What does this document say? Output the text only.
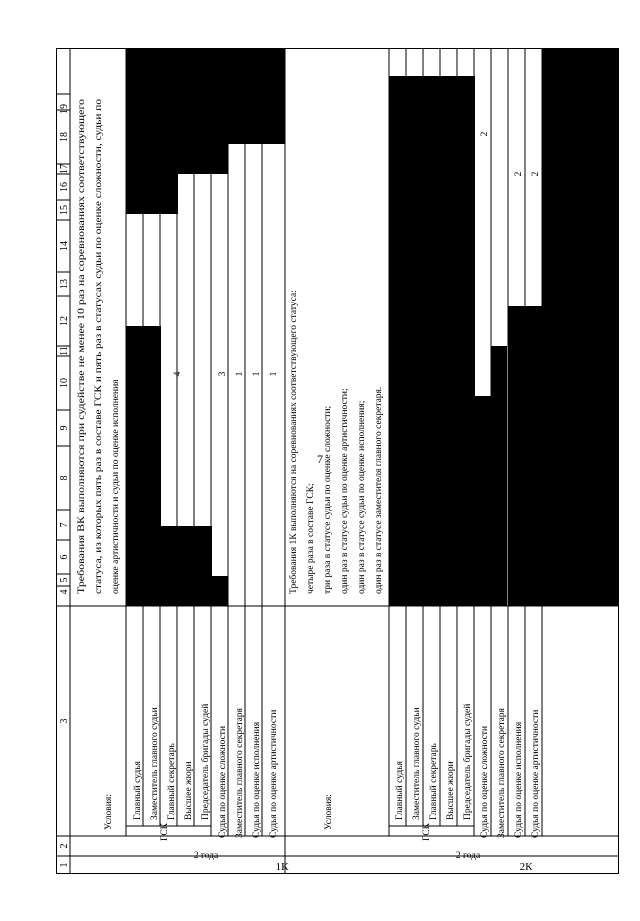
7
1
2
3
4
5
6
7
8
9
10
11
12
13
14
15
16
17
18
19
Требования ВК выполняются при судействе не менее 10 раз на соревнованиях соответствующего статуса, из которых пять раз в составе ГСК и пять раз в статусах судьи по оценке сложности, судьи по оценке артистичности и судьи по оценке исполнения
Условия:
ГСК
Главный судья Заместитель главного судьи Главный секретарь Высшее жюри Председатель бригады судей Судья по оценке сложности Заместитель главного секретаря Судья по оценке исполнения Судья по оценке артистичности
4	3 1 1 1
2 года
1К
Требования 1К выполняются на соревнованиях соответствующего статуса: четыре раза в составе ГСК; три раза в статусе судьи по оценке сложности; один раз в статусе судьи по оценке артистичности; один раз в статусе судьи по оценке исполнения; один раз в статусе заместителя главного секретаря.
Условия:
ГСК
Главный судья Заместитель главного судьи Главный секретарь Высшее жюри Председатель бригады судей Судья по оценке сложности Заместитель главного секретаря Судья по оценке исполнения Судья по оценке артистичности
2
2
2 2
2 года
2К
